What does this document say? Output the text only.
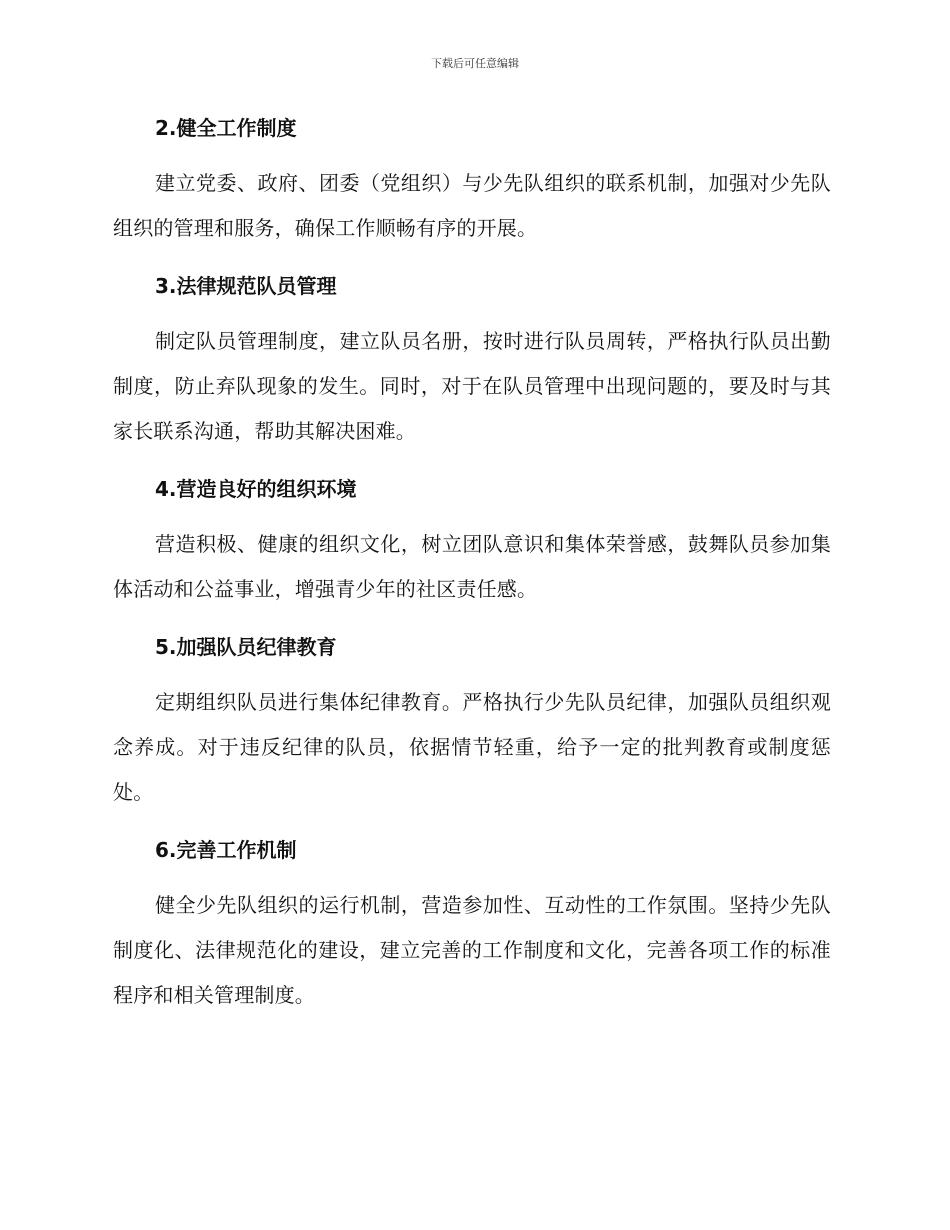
下载后可任意编辑
2.健全工作制度

建立党委、政府、团委（党组织）与少先队组织的联系机制，加强对少先队组织的管理和服务，确保工作顺畅有序的开展。

3.法律规范队员管理

制定队员管理制度，建立队员名册，按时进行队员周转，严格执行队员出勤制度，防止弃队现象的发生。同时，对于在队员管理中出现问题的，要及时与其家长联系沟通，帮助其解决困难。

4.营造良好的组织环境

营造积极、健康的组织文化，树立团队意识和集体荣誉感，鼓舞队员参加集体活动和公益事业，增强青少年的社区责任感。

5.加强队员纪律教育

定期组织队员进行集体纪律教育。严格执行少先队员纪律，加强队员组织观念养成。对于违反纪律的队员，依据情节轻重，给予一定的批判教育或制度惩处。

6.完善工作机制

健全少先队组织的运行机制，营造参加性、互动性的工作氛围。坚持少先队制度化、法律规范化的建设，建立完善的工作制度和文化，完善各项工作的标准程序和相关管理制度。
